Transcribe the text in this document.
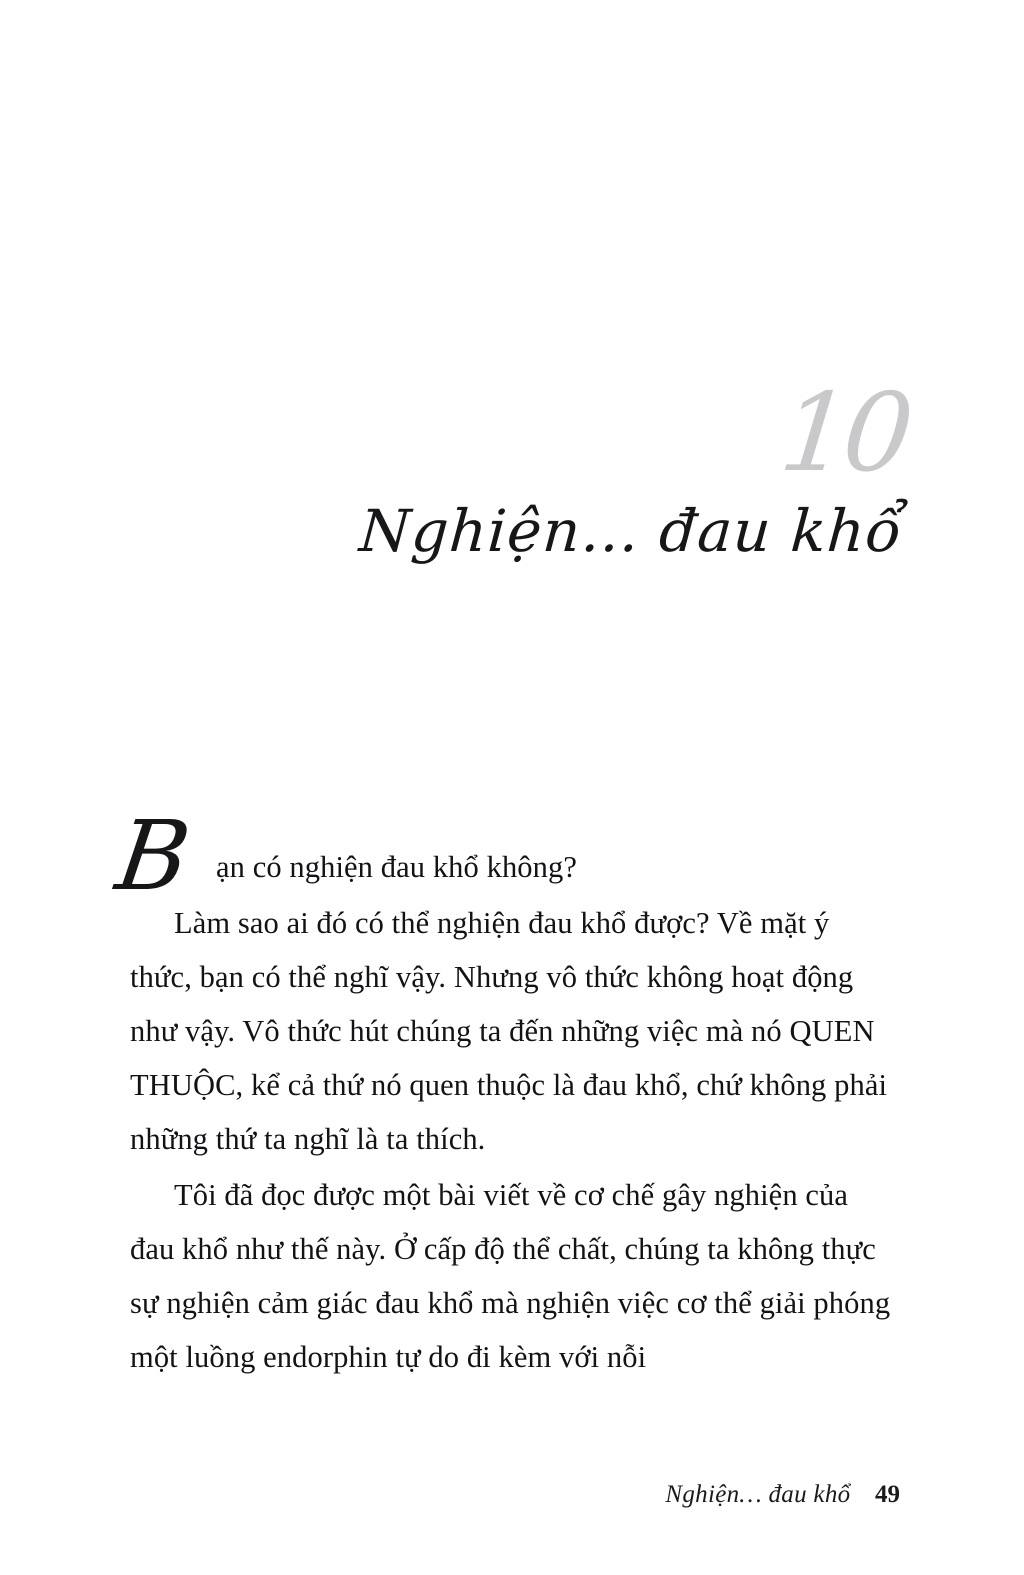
10
Nghiện… đau khổ
B ạn có nghiện đau khổ không?

Làm sao ai đó có thể nghiện đau khổ được? Về mặt ý thức, bạn có thể nghĩ vậy. Nhưng vô thức không hoạt động như vậy. Vô thức hút chúng ta đến những việc mà nó QUEN THUỘC, kể cả thứ nó quen thuộc là đau khổ, chứ không phải những thứ ta nghĩ là ta thích.

Tôi đã đọc được một bài viết về cơ chế gây nghiện của đau khổ như thế này. Ở cấp độ thể chất, chúng ta không thực sự nghiện cảm giác đau khổ mà nghiện việc cơ thể giải phóng một luồng endorphin tự do đi kèm với nỗi

Nghiện… đau khổ 49
